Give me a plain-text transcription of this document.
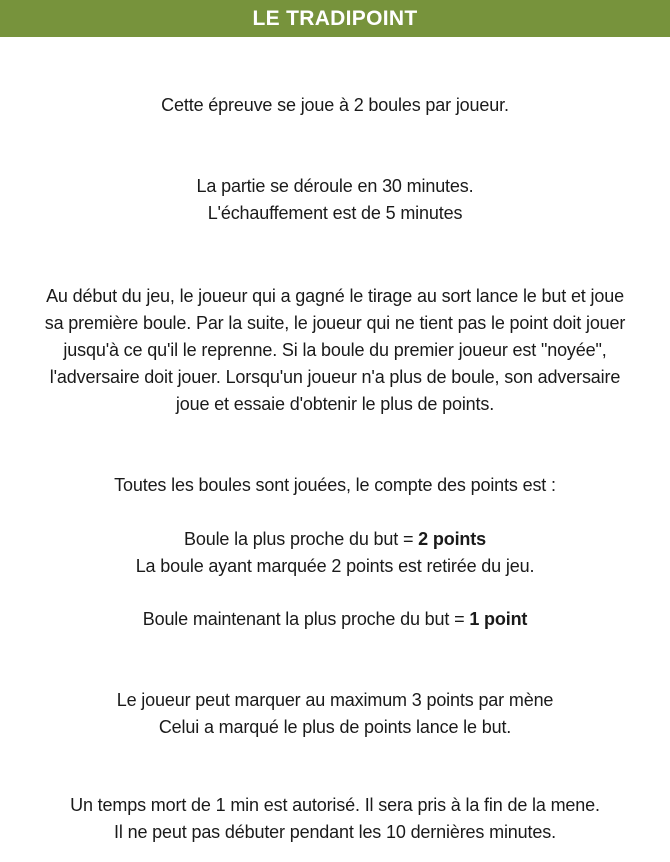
LE TRADIPOINT
Cette épreuve se joue à 2 boules par joueur.
La partie se déroule en 30 minutes.
L'échauffement est de 5 minutes
Au début du jeu, le joueur qui a gagné le tirage au sort lance le but et joue sa première boule. Par la suite, le joueur qui ne tient pas le point doit jouer jusqu'à ce qu'il le reprenne. Si la boule du premier joueur est "noyée", l'adversaire doit jouer. Lorsqu'un joueur n'a plus de boule, son adversaire joue et essaie d'obtenir le plus de points.
Toutes les boules sont jouées, le compte des points est :
Boule la plus proche du but = 2 points
La boule ayant marquée 2 points est retirée du jeu.
Boule maintenant la plus proche du but = 1 point
Le joueur peut marquer au maximum 3 points par mène
Celui a marqué le plus de points lance le but.
Un temps mort de 1 min est autorisé. Il sera pris à la fin de la mene.
Il ne peut pas débuter pendant les 10 dernières minutes.
